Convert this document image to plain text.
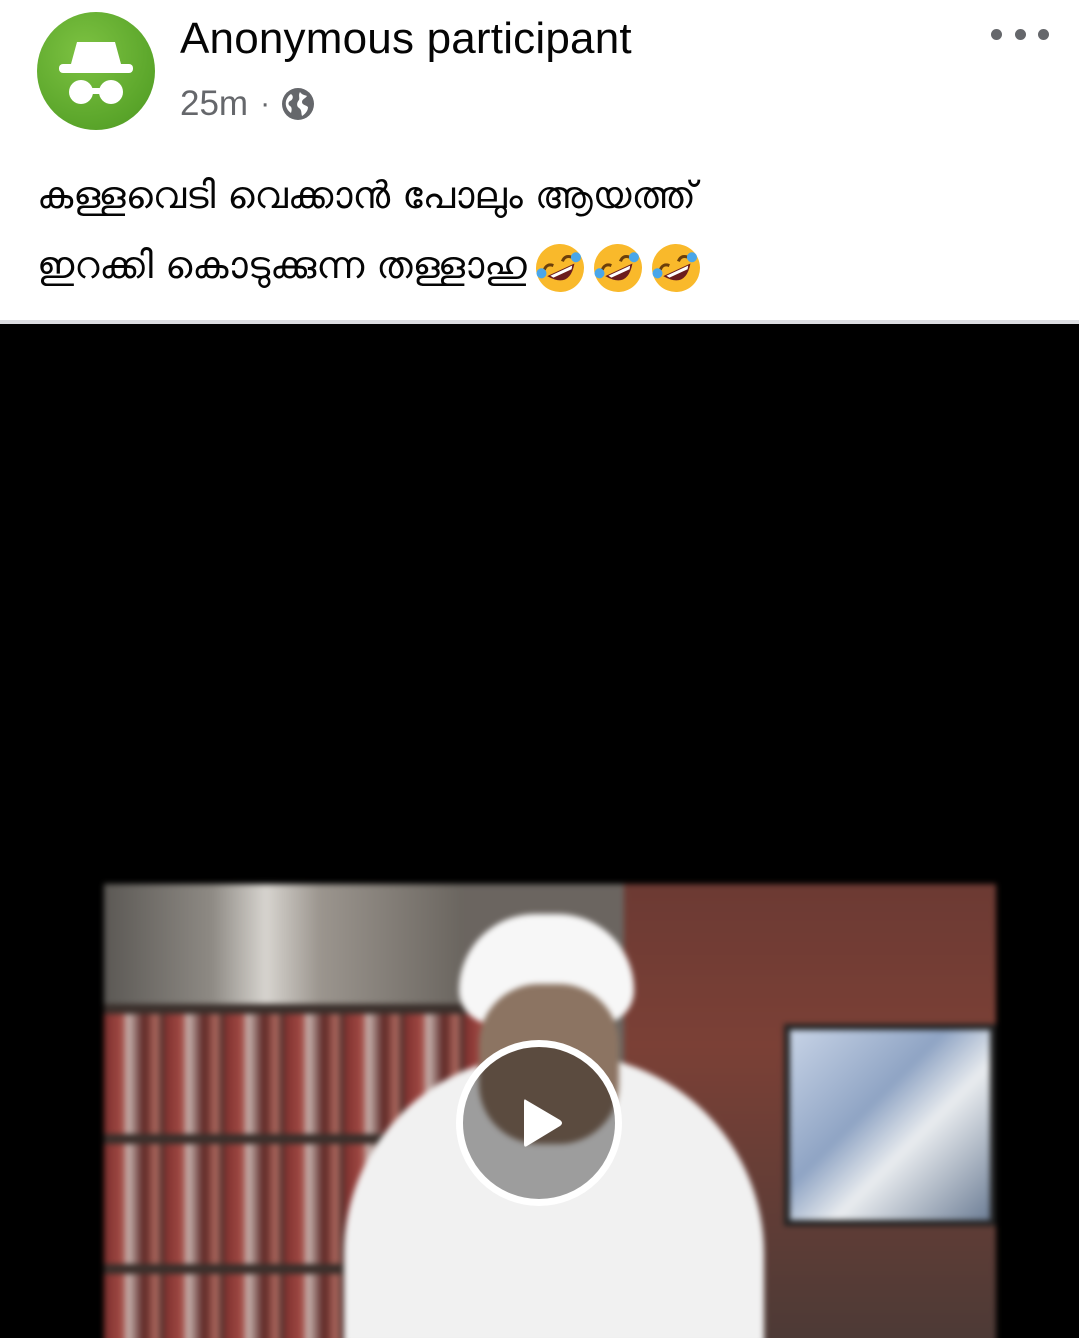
Anonymous participant
25m ·
കള്ളവെടി വെക്കാൻ പോലും ആയത്ത്
ഇറക്കി കൊടുക്കുന്ന തള്ളാഹു
